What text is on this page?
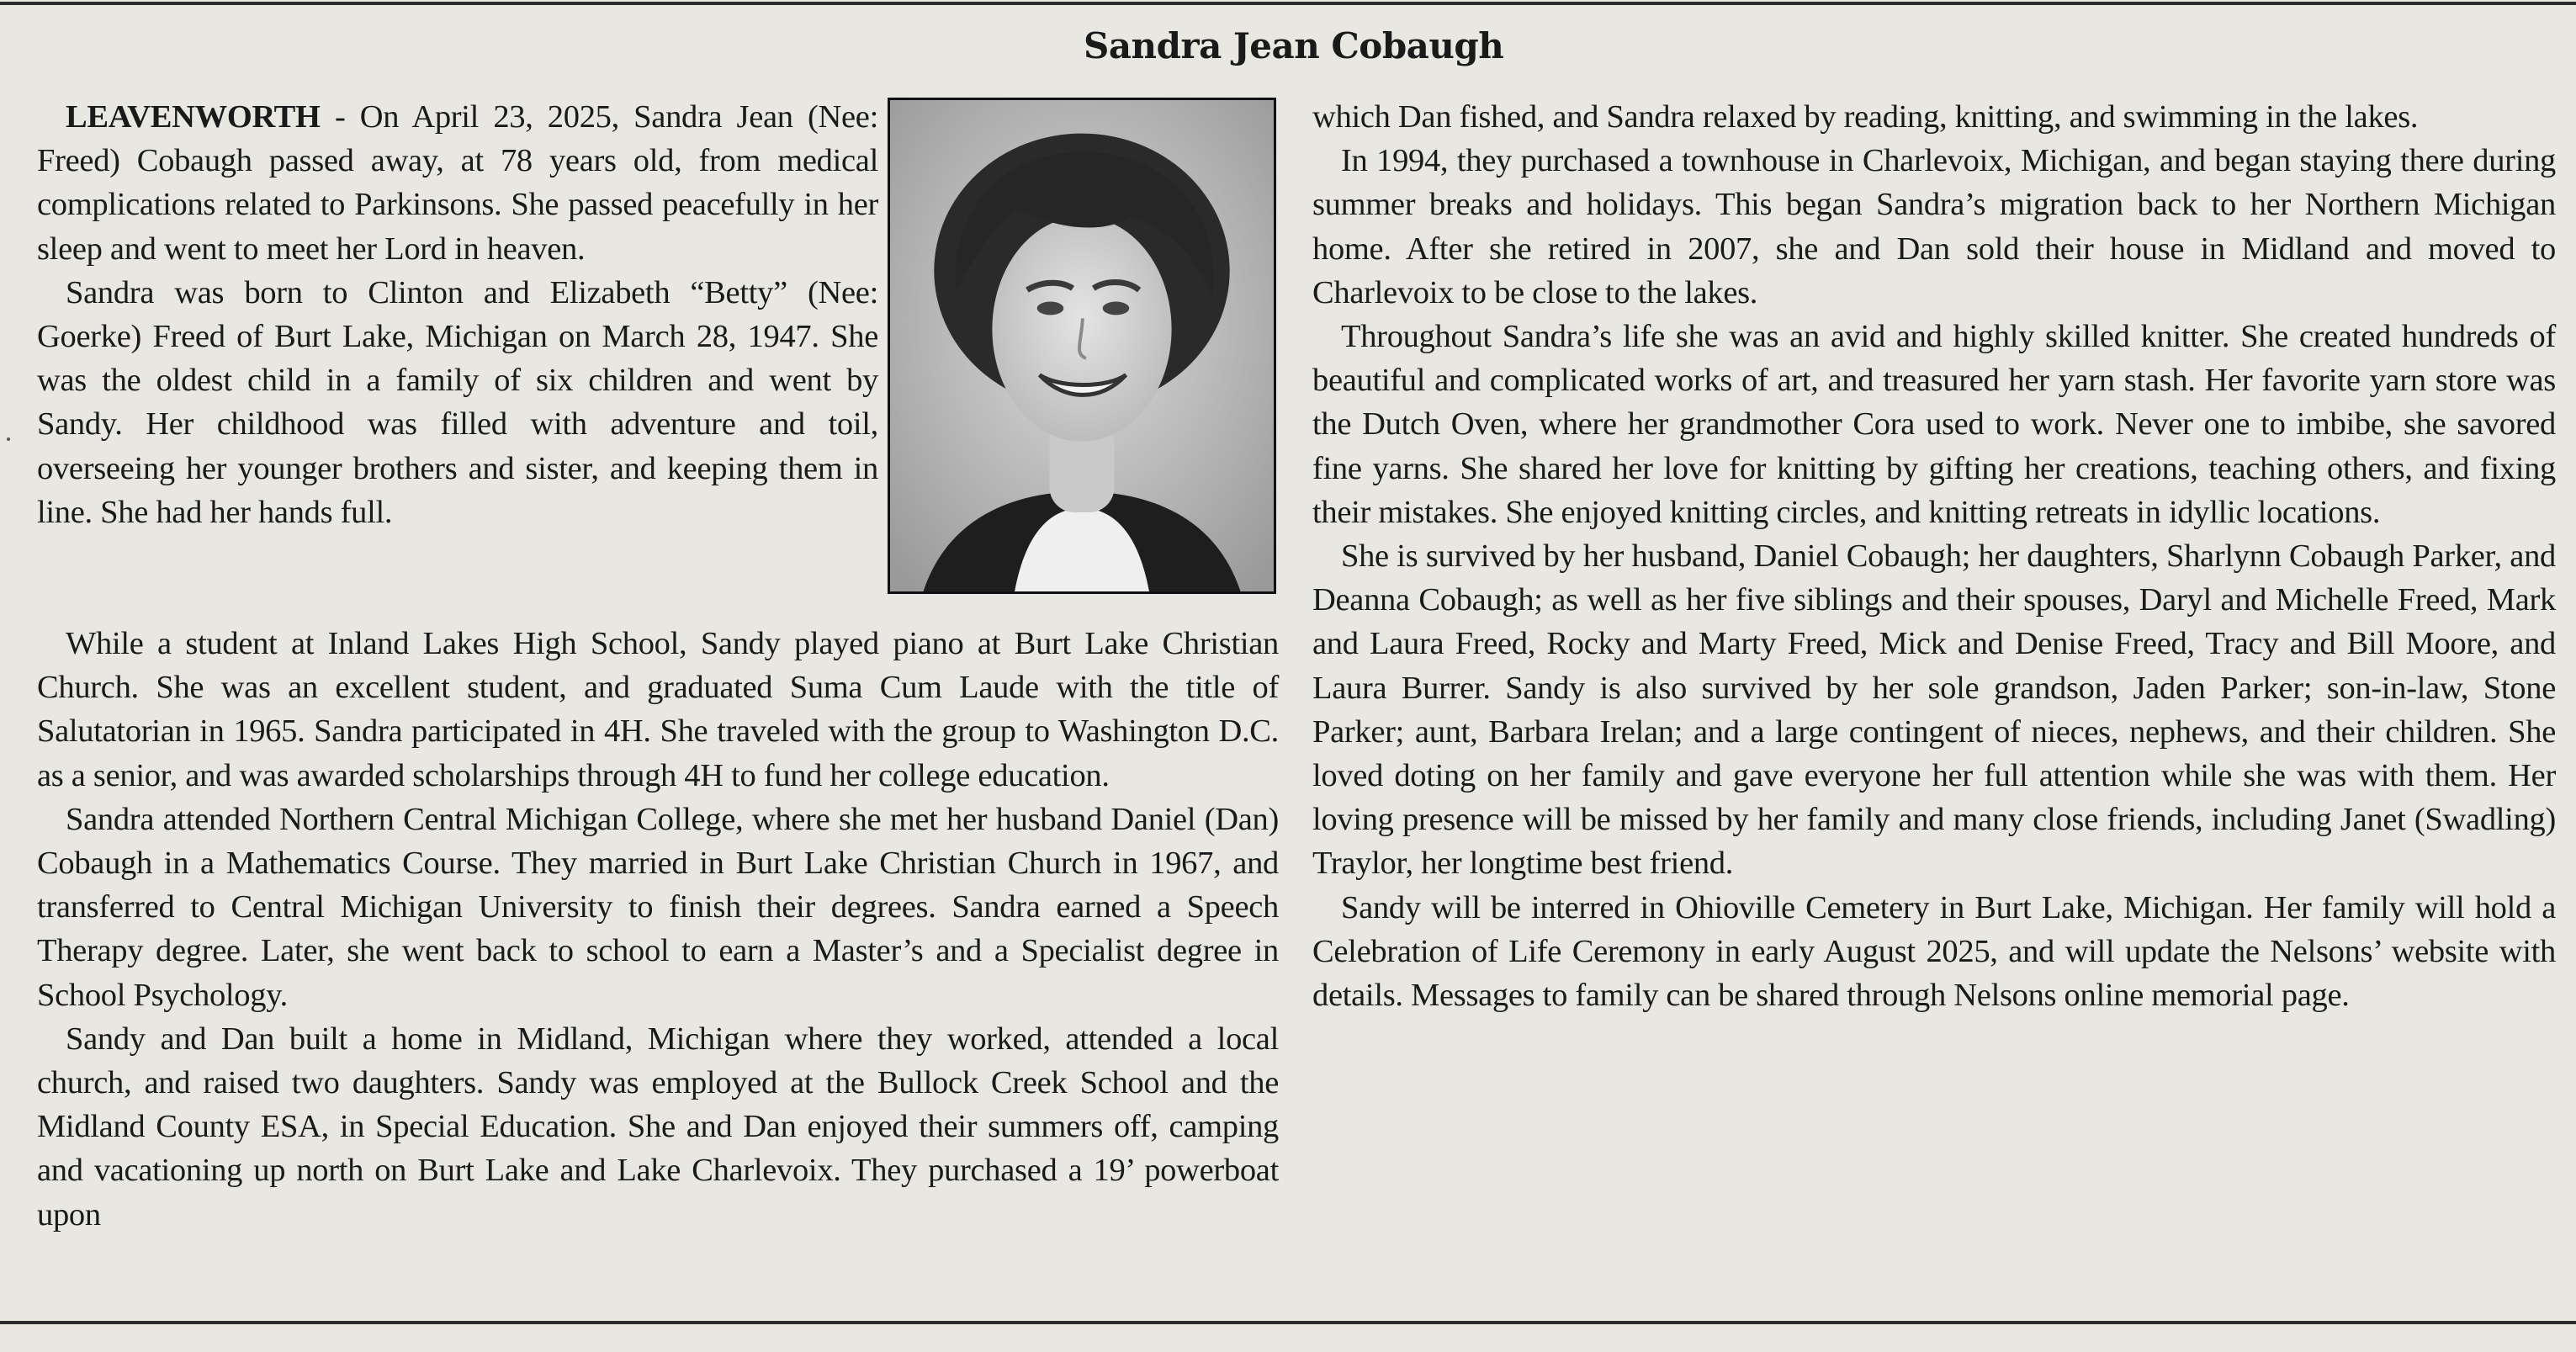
Sandra Jean Cobaugh

LEAVENWORTH - On April 23, 2025, Sandra Jean (Nee: Freed) Cobaugh passed away, at 78 years old, from medical complications related to Parkinsons. She passed peacefully in her sleep and went to meet her Lord in heaven.

Sandra was born to Clinton and Elizabeth “Betty” (Nee: Goerke) Freed of Burt Lake, Michigan on March 28, 1947. She was the oldest child in a family of six children and went by Sandy. Her childhood was filled with adventure and toil, overseeing her younger brothers and sister, and keeping them in line. She had her hands full.

While a student at Inland Lakes High School, Sandy played piano at Burt Lake Christian Church. She was an excellent student, and graduated Suma Cum Laude with the title of Salutatorian in 1965. Sandra participated in 4H. She traveled with the group to Washington D.C. as a senior, and was awarded scholarships through 4H to fund her college education.

Sandra attended Northern Central Michigan College, where she met her husband Daniel (Dan) Cobaugh in a Mathematics Course. They married in Burt Lake Christian Church in 1967, and transferred to Central Michigan University to finish their degrees. Sandra earned a Speech Therapy degree. Later, she went back to school to earn a Master’s and a Specialist degree in School Psychology.

Sandy and Dan built a home in Midland, Michigan where they worked, attended a local church, and raised two daughters. Sandy was employed at the Bullock Creek School and the Midland County ESA, in Special Education. She and Dan enjoyed their summers off, camping and vacationing up north on Burt Lake and Lake Charlevoix. They purchased a 19’ powerboat upon

which Dan fished, and Sandra relaxed by reading, knitting, and swimming in the lakes.

In 1994, they purchased a townhouse in Charlevoix, Michigan, and began staying there during summer breaks and holidays. This began Sandra’s migration back to her Northern Michigan home. After she retired in 2007, she and Dan sold their house in Midland and moved to Charlevoix to be close to the lakes.

Throughout Sandra’s life she was an avid and highly skilled knitter. She created hundreds of beautiful and complicated works of art, and treasured her yarn stash. Her favorite yarn store was the Dutch Oven, where her grandmother Cora used to work. Never one to imbibe, she savored fine yarns. She shared her love for knitting by gifting her creations, teaching others, and fixing their mistakes. She enjoyed knitting circles, and knitting retreats in idyllic locations.

She is survived by her husband, Daniel Cobaugh; her daughters, Sharlynn Cobaugh Parker, and Deanna Cobaugh; as well as her five siblings and their spouses, Daryl and Michelle Freed, Mark and Laura Freed, Rocky and Marty Freed, Mick and Denise Freed, Tracy and Bill Moore, and Laura Burrer. Sandy is also survived by her sole grandson, Jaden Parker; son-in-law, Stone Parker; aunt, Barbara Irelan; and a large contingent of nieces, nephews, and their children. She loved doting on her family and gave everyone her full attention while she was with them. Her loving presence will be missed by her family and many close friends, including Janet (Swadling) Traylor, her longtime best friend.

Sandy will be interred in Ohioville Cemetery in Burt Lake, Michigan. Her family will hold a Celebration of Life Ceremony in early August 2025, and will update the Nelsons’ website with details. Messages to family can be shared through Nelsons online memorial page.
